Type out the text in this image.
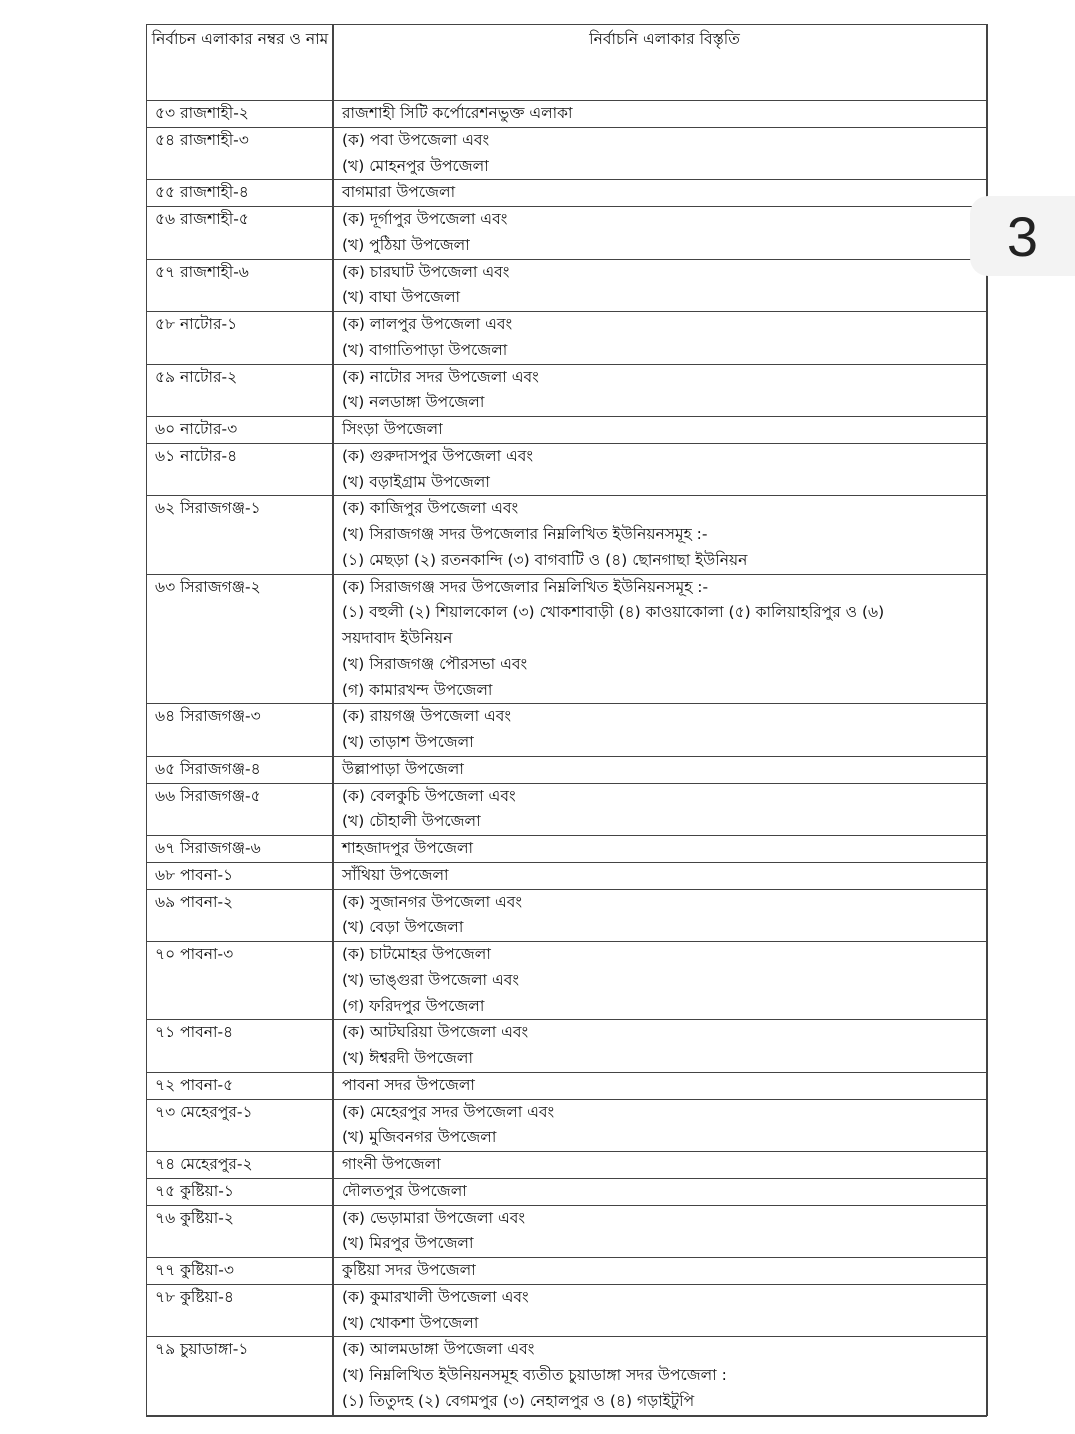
নির্বাচন এলাকার নম্বর ও নাম	নির্বাচনি এলাকার বিস্তৃতি
৫৩ রাজশাহী-২	রাজশাহী সিটি কর্পোরেশনভুক্ত এলাকা

৫৪ রাজশাহী-৩	(ক) পবা উপজেলা এবং
(খ) মোহনপুর উপজেলা

৫৫ রাজশাহী-৪	বাগমারা উপজেলা

৫৬ রাজশাহী-৫	(ক) দূর্গাপুর উপজেলা এবং
(খ) পুঠিয়া উপজেলা

৫৭ রাজশাহী-৬	(ক) চারঘাট উপজেলা এবং
(খ) বাঘা উপজেলা

৫৮ নাটোর-১	(ক) লালপুর উপজেলা এবং
(খ) বাগাতিপাড়া উপজেলা

৫৯ নাটোর-২	(ক) নাটোর সদর উপজেলা এবং
(খ) নলডাঙ্গা উপজেলা

৬০ নাটোর-৩	সিংড়া উপজেলা

৬১ নাটোর-৪	(ক) গুরুদাসপুর উপজেলা এবং
(খ) বড়াইগ্রাম উপজেলা

৬২ সিরাজগঞ্জ-১	(ক) কাজিপুর উপজেলা এবং
(খ) সিরাজগঞ্জ সদর উপজেলার নিম্নলিখিত ইউনিয়নসমূহ :-
(১) মেছড়া (২) রতনকান্দি (৩) বাগবাটি ও (৪) ছোনগাছা ইউনিয়ন

৬৩ সিরাজগঞ্জ-২	(ক) সিরাজগঞ্জ সদর উপজেলার নিম্নলিখিত ইউনিয়নসমূহ :-
(১) বহুলী (২) শিয়ালকোল (৩) খোকশাবাড়ী (৪) কাওয়াকোলা (৫) কালিয়াহরিপুর ও (৬)
সয়দাবাদ ইউনিয়ন
(খ) সিরাজগঞ্জ পৌরসভা এবং
(গ) কামারখন্দ উপজেলা

৬৪ সিরাজগঞ্জ-৩	(ক) রায়গঞ্জ উপজেলা এবং
(খ) তাড়াশ উপজেলা

৬৫ সিরাজগঞ্জ-৪	উল্লাপাড়া উপজেলা

৬৬ সিরাজগঞ্জ-৫	(ক) বেলকুচি উপজেলা এবং
(খ) চৌহালী উপজেলা

৬৭ সিরাজগঞ্জ-৬	শাহজাদপুর উপজেলা

৬৮ পাবনা-১	সাঁথিয়া উপজেলা

৬৯ পাবনা-২	(ক) সুজানগর উপজেলা এবং
(খ) বেড়া উপজেলা

৭০ পাবনা-৩	(ক) চাটমোহর উপজেলা
(খ) ভাঙ্গুরা উপজেলা এবং
(গ) ফরিদপুর উপজেলা

৭১ পাবনা-৪	(ক) আটঘরিয়া উপজেলা এবং
(খ) ঈশ্বরদী উপজেলা

৭২ পাবনা-৫	পাবনা সদর উপজেলা

৭৩ মেহেরপুর-১	(ক) মেহেরপুর সদর উপজেলা এবং
(খ) মুজিবনগর উপজেলা

৭৪ মেহেরপুর-২	গাংনী উপজেলা

৭৫ কুষ্টিয়া-১	দৌলতপুর উপজেলা

৭৬ কুষ্টিয়া-২	(ক) ভেড়ামারা উপজেলা এবং
(খ) মিরপুর উপজেলা

৭৭ কুষ্টিয়া-৩	কুষ্টিয়া সদর উপজেলা

৭৮ কুষ্টিয়া-৪	(ক) কুমারখালী উপজেলা এবং
(খ) খোকশা উপজেলা

৭৯ চুয়াডাঙ্গা-১	(ক) আলমডাঙ্গা উপজেলা এবং
(খ) নিম্নলিখিত ইউনিয়নসমূহ ব্যতীত চুয়াডাঙ্গা সদর উপজেলা :
(১) তিতুদহ (২) বেগমপুর (৩) নেহালপুর ও (৪) গড়াইটুপি
3
